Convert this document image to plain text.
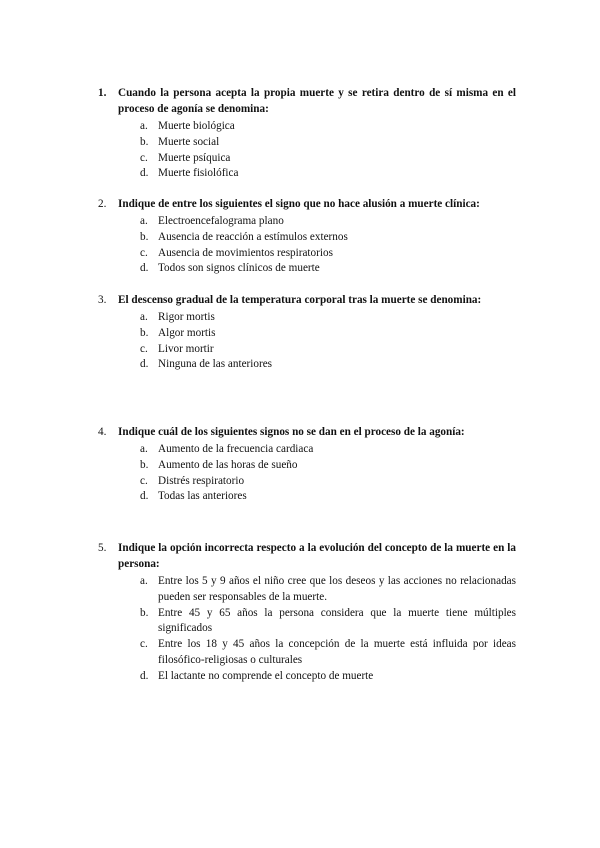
1.	Cuando la persona acepta la propia muerte y se retira dentro de sí misma en el proceso de agonía se denomina:
a. Muerte biológica
b. Muerte social
c. Muerte psíquica
d. Muerte fisiolófica
2.	Indique de entre los siguientes el signo que no hace alusión a muerte clínica:
a. Electroencefalograma plano
b. Ausencia de reacción a estímulos externos
c. Ausencia de movimientos respiratorios
d. Todos son signos clínicos de muerte
3.	El descenso gradual de la temperatura corporal tras la muerte se denomina:
a. Rigor mortis
b. Algor mortis
c. Livor mortir
d. Ninguna de las anteriores
4.	Indique cuál de los siguientes signos no se dan en el proceso de la agonía:
a. Aumento de la frecuencia cardiaca
b. Aumento de las horas de sueño
c. Distrés respiratorio
d. Todas las anteriores
5.	Indique la opción incorrecta respecto a la evolución del concepto de la muerte en la persona:
a. Entre los 5 y 9 años el niño cree que los deseos y las acciones no relacionadas pueden ser responsables de la muerte.
b. Entre 45 y 65 años la persona considera que la muerte tiene múltiples significados
c. Entre los 18 y 45 años la concepción de la muerte está influida por ideas filosófico-religiosas o culturales
d. El lactante no comprende el concepto de muerte
